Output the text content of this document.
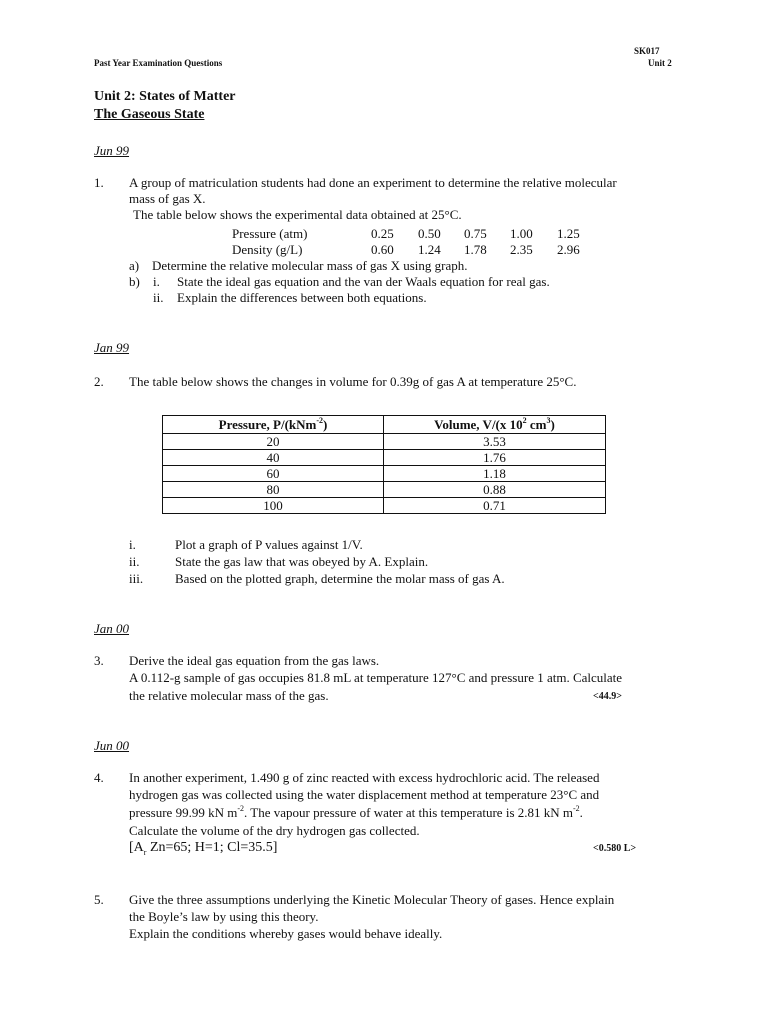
SK017
Past Year Examination Questions	Unit 2
Unit 2: States of Matter
The Gaseous State
Jun 99
1. A group of matriculation students had done an experiment to determine the relative molecular
mass of gas X.
The table below shows the experimental data obtained at 25°C.
Pressure (atm)	0.25 0.50 0.75 1.00 1.25
Density (g/L)	0.60 1.24 1.78 2.35 2.96
a) Determine the relative molecular mass of gas X using graph.
b) i. State the ideal gas equation and the van der Waals equation for real gas.
ii. Explain the differences between both equations.
Jan 99
2. The table below shows the changes in volume for 0.39g of gas A at temperature 25°C.
Pressure, P/(kNm$^{-2}$)	Volume, V/(x $10^2$ $cm^3$)
20	3.53
40	1.76
60	1.18
80	0.88
100	0.71
i.	Plot a graph of P values against 1/V.
ii.	State the gas law that was obeyed by A. Explain.
iii. Based on the plotted graph, determine the molar mass of gas A.
Jan 00
3. Derive the ideal gas equation from the gas laws.
A 0.112-g sample of gas occupies 81.8 mL at temperature 127°C and pressure 1 atm. Calculate
the relative molecular mass of the gas.	<44.9>
Jun 00
4. In another experiment, 1.490 g of zinc reacted with excess hydrochloric acid. The released
hydrogen gas was collected using the water displacement method at temperature 23°C and
pressure 99.99 kN $m^{-2}$. The vapour pressure of water at this temperature is 2.81 kN $m^{-2}$.
Calculate the volume of the dry hydrogen gas collected.
[$A_r$ Zn=65; H=1; Cl=35.5]	<0.580 L>
5. Give the three assumptions underlying the Kinetic Molecular Theory of gases. Hence explain
the Boyle’s law by using this theory.
Explain the conditions whereby gases would behave ideally.
